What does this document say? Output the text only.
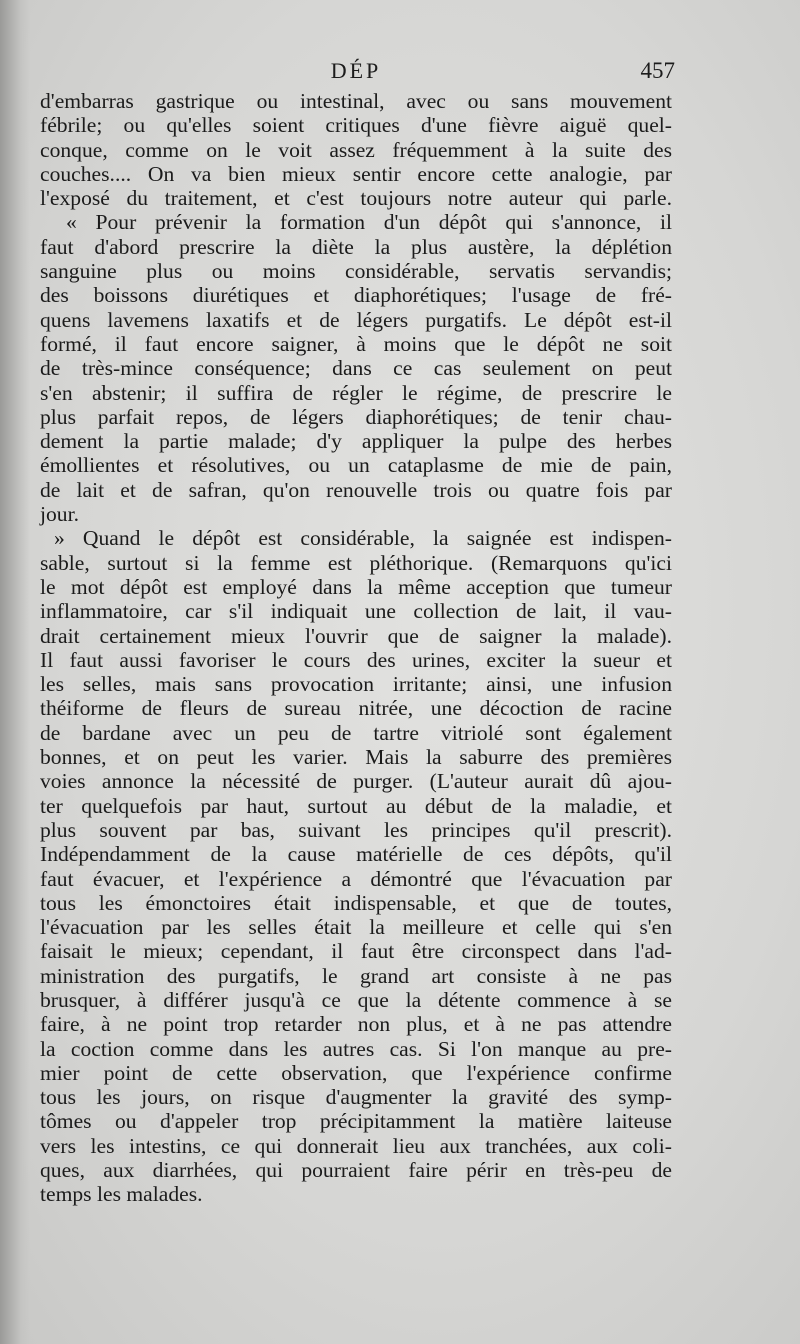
DÉP	457
d'embarras gastrique ou intestinal, avec ou sans mouvement
fébrile; ou qu'elles soient critiques d'une fièvre aiguë quel-
conque, comme on le voit assez fréquemment à la suite des
couches.... On va bien mieux sentir encore cette analogie, par
l'exposé du traitement, et c'est toujours notre auteur qui parle.
« Pour prévenir la formation d'un dépôt qui s'annonce, il
faut d'abord prescrire la diète la plus austère, la déplétion
sanguine plus ou moins considérable, servatis servandis;
des boissons diurétiques et diaphorétiques; l'usage de fré-
quens lavemens laxatifs et de légers purgatifs. Le dépôt est-il
formé, il faut encore saigner, à moins que le dépôt ne soit
de très-mince conséquence; dans ce cas seulement on peut
s'en abstenir; il suffira de régler le régime, de prescrire le
plus parfait repos, de légers diaphorétiques; de tenir chau-
dement la partie malade; d'y appliquer la pulpe des herbes
émollientes et résolutives, ou un cataplasme de mie de pain,
de lait et de safran, qu'on renouvelle trois ou quatre fois par
jour.
» Quand le dépôt est considérable, la saignée est indispen-
sable, surtout si la femme est pléthorique. (Remarquons qu'ici
le mot dépôt est employé dans la même acception que tumeur
inflammatoire, car s'il indiquait une collection de lait, il vau-
drait certainement mieux l'ouvrir que de saigner la malade).
Il faut aussi favoriser le cours des urines, exciter la sueur et
les selles, mais sans provocation irritante; ainsi, une infusion
théiforme de fleurs de sureau nitrée, une décoction de racine
de bardane avec un peu de tartre vitriolé sont également
bonnes, et on peut les varier. Mais la saburre des premières
voies annonce la nécessité de purger. (L'auteur aurait dû ajou-
ter quelquefois par haut, surtout au début de la maladie, et
plus souvent par bas, suivant les principes qu'il prescrit).
Indépendamment de la cause matérielle de ces dépôts, qu'il
faut évacuer, et l'expérience a démontré que l'évacuation par
tous les émonctoires était indispensable, et que de toutes,
l'évacuation par les selles était la meilleure et celle qui s'en
faisait le mieux; cependant, il faut être circonspect dans l'ad-
ministration des purgatifs, le grand art consiste à ne pas
brusquer, à différer jusqu'à ce que la détente commence à se
faire, à ne point trop retarder non plus, et à ne pas attendre
la coction comme dans les autres cas. Si l'on manque au pre-
mier point de cette observation, que l'expérience confirme
tous les jours, on risque d'augmenter la gravité des symp-
tômes ou d'appeler trop précipitamment la matière laiteuse
vers les intestins, ce qui donnerait lieu aux tranchées, aux coli-
ques, aux diarrhées, qui pourraient faire périr en très-peu de
temps les malades.
